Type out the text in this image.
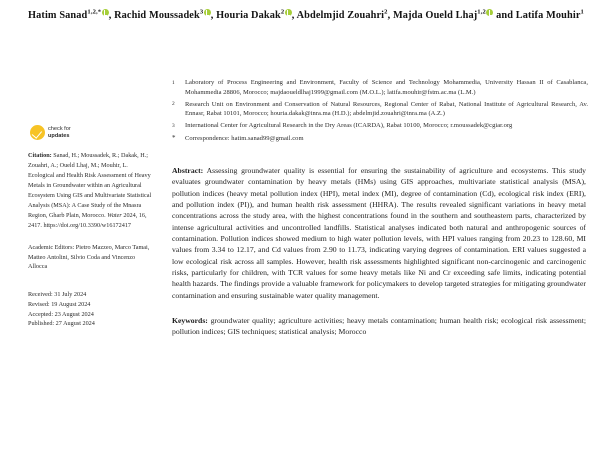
Hatim Sanad$^{1,2,*}$ , Rachid Moussadek$^3$ , Houria Dakak$^2$ , Abdelmjid Zouahri$^2$, Majda Oueld Lhaj$^{1,2}$ and Latifa Mouhir$^1$
check for
updates
Citation: Sanad, H.; Moussadek, R.; Dakak, H.; Zouahri, A.; Oueld Lhaj, M.; Mouhir, L. Ecological and Health Risk Assessment of Heavy Metals in Groundwater within an Agricultural Ecosystem Using GIS and Multivariate Statistical Analysis (MSA): A Case Study of the Mnasra Region, Gharb Plain, Morocco. Water 2024, 16, 2417. https://doi.org/10.3390/w16172417
Academic Editors: Pietro Mazzeo, Marco Tamai, Matteo Antolini, Silvio Coda and Vincenzo Allocca
Received: 31 July 2024
Revised: 19 August 2024
Accepted: 23 August 2024
Published: 27 August 2024
1	Laboratory of Process Engineering and Environment, Faculty of Science and Technology Mohammedia, University Hassan II of Casablanca, Mohammedia 28806, Morocco; majdaoueldlhaj1999@gmail.com (M.O.L.); latifa.mouhir@fstm.ac.ma (L.M.)
2	Research Unit on Environment and Conservation of Natural Resources, Regional Center of Rabat, National Institute of Agricultural Research, Av. Ennasr, Rabat 10101, Morocco; houria.dakak@inra.ma (H.D.); abdelmjid.zouahri@inra.ma (A.Z.)
3	International Center for Agricultural Research in the Dry Areas (ICARDA), Rabat 10100, Morocco; r.moussadek@cgiar.org
*	Correspondence: hatim.sanad99@gmail.com
Abstract: Assessing groundwater quality is essential for ensuring the sustainability of agriculture and ecosystems. This study evaluates groundwater contamination by heavy metals (HMs) using GIS approaches, multivariate statistical analysis (MSA), pollution indices (heavy metal pollution index (HPI), metal index (MI), degree of contamination (Cd), ecological risk index (ERI), and pollution index (PI)), and human health risk assessment (HHRA). The results revealed significant variations in heavy metal concentrations across the study area, with the highest concentrations found in the southern and southeastern parts, characterized by intense agricultural activities and uncontrolled landfills. Statistical analyses indicated both natural and anthropogenic sources of contamination. Pollution indices showed medium to high water pollution levels, with HPI values ranging from 20.23 to 128.60, MI values from 3.34 to 12.17, and Cd values from 2.90 to 11.73, indicating varying degrees of contamination. ERI values suggested a low ecological risk across all samples. However, health risk assessments highlighted significant non-carcinogenic and carcinogenic risks, particularly for children, with TCR values for some heavy metals like Ni and Cr exceeding safe limits, indicating potential health hazards. The findings provide a valuable framework for policymakers to develop targeted strategies for mitigating groundwater contamination and ensuring sustainable water quality management.
Keywords: groundwater quality; agriculture activities; heavy metals contamination; human health risk; ecological risk assessment; pollution indices; GIS techniques; statistical analysis; Morocco
